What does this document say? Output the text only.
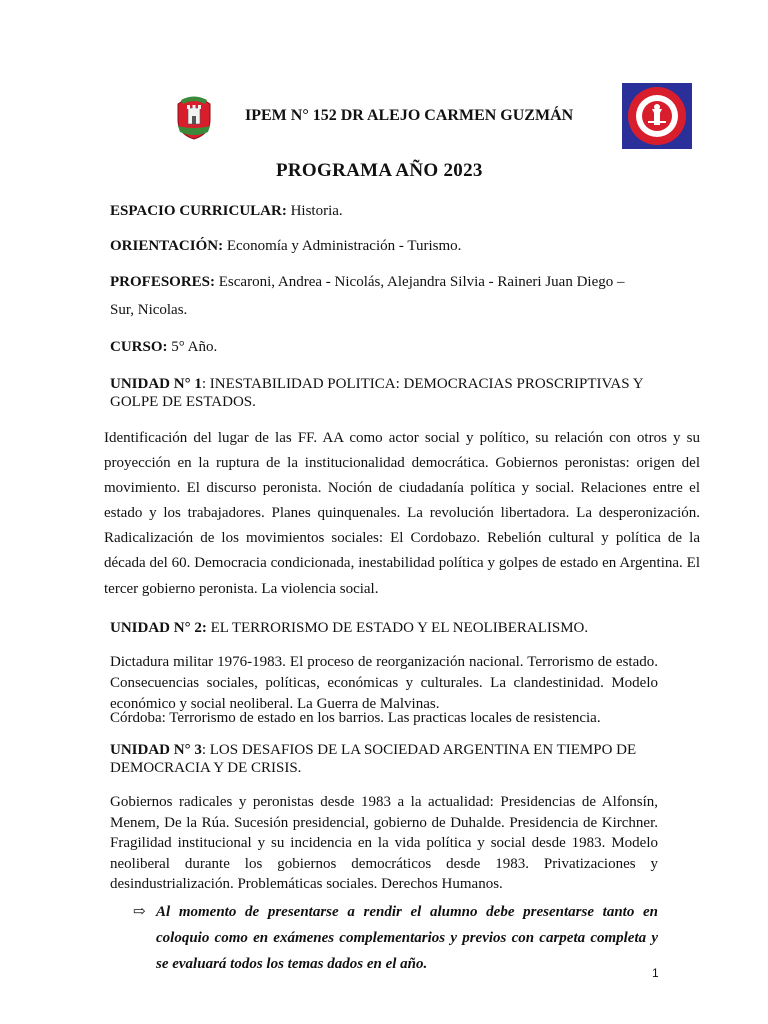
IPEM N° 152 DR ALEJO CARMEN GUZMÁN
PROGRAMA AÑO 2023
ESPACIO CURRICULAR: Historia.
ORIENTACIÓN: Economía y Administración - Turismo.
PROFESORES: Escaroni, Andrea - Nicolás, Alejandra Silvia - Raineri Juan Diego –
Sur, Nicolas.
CURSO: 5° Año.
UNIDAD N° 1: INESTABILIDAD POLITICA: DEMOCRACIAS PROSCRIPTIVAS Y GOLPE DE ESTADOS.
Identificación del lugar de las FF. AA como actor social y político, su relación con otros y su proyección en la ruptura de la institucionalidad democrática. Gobiernos peronistas: origen del movimiento. El discurso peronista. Noción de ciudadanía política y social. Relaciones entre el estado y los trabajadores. Planes quinquenales. La revolución libertadora. La desperonización. Radicalización de los movimientos sociales: El Cordobazo. Rebelión cultural y política de la década del 60. Democracia condicionada, inestabilidad política y golpes de estado en Argentina. El tercer gobierno peronista. La violencia social.
UNIDAD N° 2: EL TERRORISMO DE ESTADO Y EL NEOLIBERALISMO.
Dictadura militar 1976-1983. El proceso de reorganización nacional. Terrorismo de estado. Consecuencias sociales, políticas, económicas y culturales. La clandestinidad. Modelo económico y social neoliberal. La Guerra de Malvinas.
Córdoba: Terrorismo de estado en los barrios. Las practicas locales de resistencia.
UNIDAD N° 3: LOS DESAFIOS DE LA SOCIEDAD ARGENTINA EN TIEMPO DE DEMOCRACIA Y DE CRISIS.
Gobiernos radicales y peronistas desde 1983 a la actualidad: Presidencias de Alfonsín, Menem, De la Rúa. Sucesión presidencial, gobierno de Duhalde. Presidencia de Kirchner. Fragilidad institucional y su incidencia en la vida política y social desde 1983. Modelo neoliberal durante los gobiernos democráticos desde 1983. Privatizaciones y desindustrialización. Problemáticas sociales. Derechos Humanos.
⇨ Al momento de presentarse a rendir el alumno debe presentarse tanto en coloquio como en exámenes complementarios y previos con carpeta completa y se evaluará todos los temas dados en el año.
1
